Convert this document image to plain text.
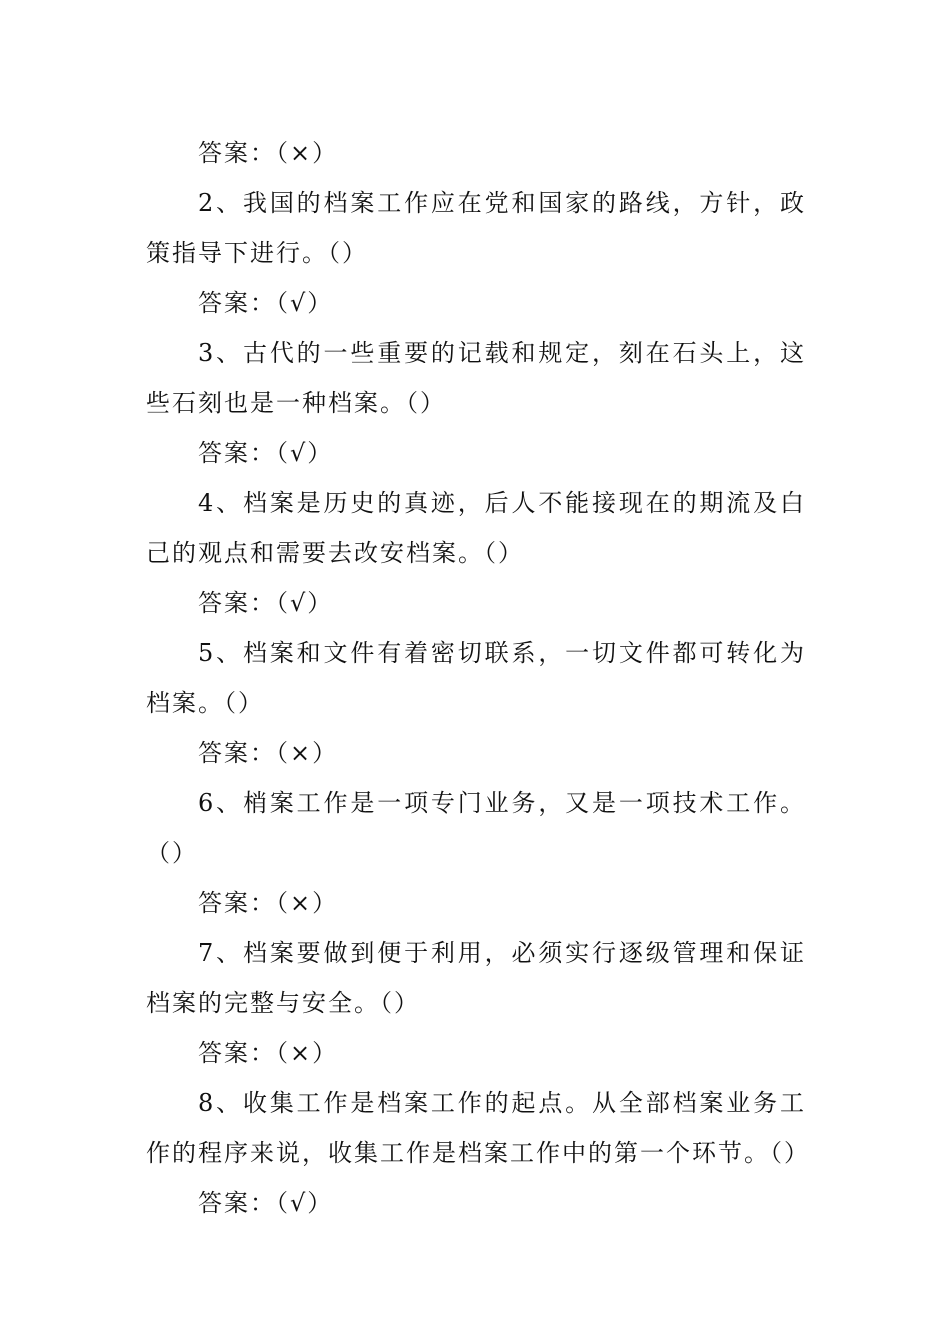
答案：（×）

2、我国的档案工作应在党和国家的路线，方针，政策指导下进行。（）

答案：（√）

3、古代的一些重要的记载和规定，刻在石头上，这些石刻也是一种档案。（）

答案：（√）

4、档案是历史的真迹，后人不能接现在的期流及白己的观点和需要去改安档案。（）

答案：（√）

5、档案和文件有着密切联系，一切文件都可转化为档案。（）

答案：（×）

6、梢案工作是一项专门业务，又是一项技术工作。（）

答案：（×）

7、档案要做到便于利用，必须实行逐级管理和保证档案的完整与安全。（）

答案：（×）

8、收集工作是档案工作的起点。从全部档案业务工作的程序来说，收集工作是档案工作中的第一个环节。（）

答案：（√）
